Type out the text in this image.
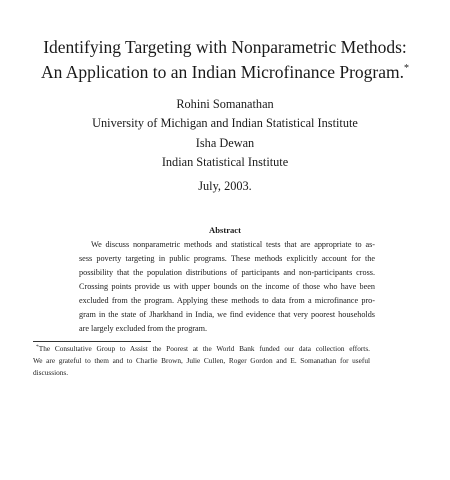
Identifying Targeting with Nonparametric Methods:
An Application to an Indian Microfinance Program.*
Rohini Somanathan
University of Michigan and Indian Statistical Institute
Isha Dewan
Indian Statistical Institute
July, 2003.
Abstract
We discuss nonparametric methods and statistical tests that are appropriate to as-
sess poverty targeting in public programs. These methods explicitly account for the
possibility that the population distributions of participants and non-participants cross.
Crossing points provide us with upper bounds on the income of those who have been
excluded from the program. Applying these methods to data from a microfinance pro-
gram in the state of Jharkhand in India, we find evidence that very poorest households
are largely excluded from the program.
*The Consultative Group to Assist the Poorest at the World Bank funded our data collection efforts.
We are grateful to them and to Charlie Brown, Julie Cullen, Roger Gordon and E. Somanathan for useful
discussions.
